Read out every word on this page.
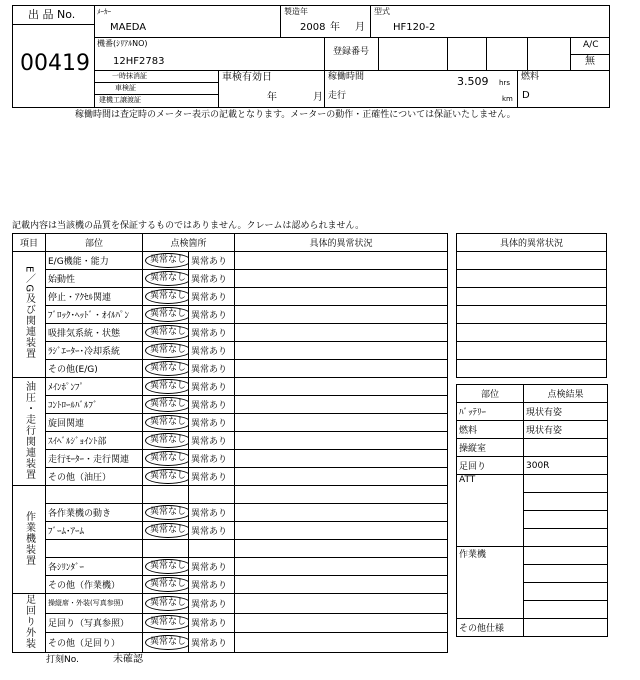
出 品 No.
00419
ﾒｰｶｰ
MAEDA
製造年
2008 年 月
型式
HF120-2
機番(ｼﾘｱﾙNO)
12HF2783
登録番号
A/C
無
一時抹消証
車検証
建機工譲渡証
車検有効日
年	月
稼働時間	3.509 hrs
走行	km
燃料
D
稼働時間は査定時のメーター表示の記載となります。メーターの動作・正確性については保証いたしません。
記載内容は当該機の品質を保証するものではありません。クレームは認められません。
項目	部位	点検箇所		具体的異常状況
E／G及び関連装置	E/G機能・能力	異常なし	異常あり	
	始動性	異常なし	異常あり	
	停止・ｱｸｾﾙ関連	異常なし	異常あり	
	ﾌﾞﾛｯｸ･ﾍｯﾄﾞ・ｵｲﾙﾊﾟﾝ	異常なし	異常あり	
	吸排気系統・状態	異常なし	異常あり	
	ﾗｼﾞｴｰﾀｰ･冷却系統	異常なし	異常あり	
	その他(E/G)	異常なし	異常あり	
油圧・走行関連装置	ﾒｲﾝﾎﾟﾝﾌﾟ	異常なし	異常あり	
	ｺﾝﾄﾛｰﾙﾊﾞﾙﾌﾞ	異常なし	異常あり	
	旋回関連	異常なし	異常あり	
	ｽｲﾍﾞﾙｼﾞｮｲﾝﾄ部	異常なし	異常あり	
	走行ﾓｰﾀｰ・走行関連	異常なし	異常あり	
	その他（油圧）	異常なし	異常あり	
作業機装置				
	各作業機の動き	異常なし	異常あり	
	ﾌﾞｰﾑ･ｱｰﾑ	異常なし	異常あり	

	各ｼﾘﾝﾀﾞｰ	異常なし	異常あり	
	その他（作業機）	異常なし	異常あり	
足回り外装	操縦席・外装(写真参照)	異常なし	異常あり	
	足回り（写真参照）	異常なし	異常あり	
	その他（足回り）	異常なし	異常あり	
具体的異常状況

部位	点検結果
ﾊﾞｯﾃﾘｰ	現状有姿
燃料	現状有姿
操縦室	
足回り	300R
ATT	

作業機	

その他仕様	
打刻No.	未確認
